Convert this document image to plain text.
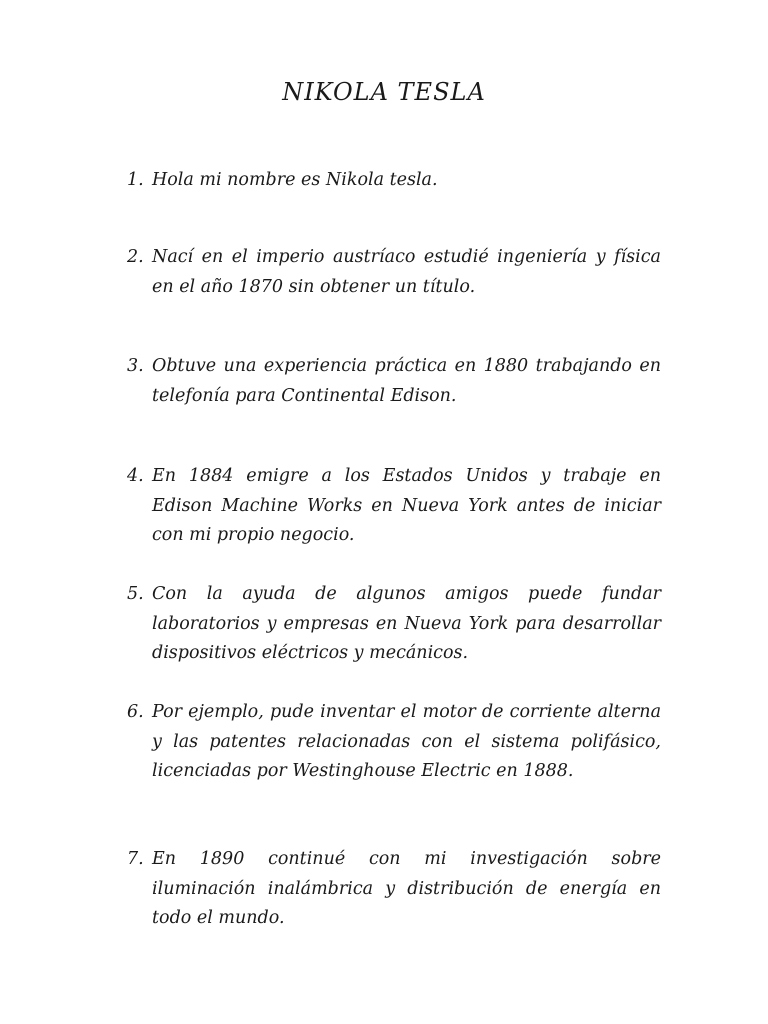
NIKOLA TESLA
1. Hola mi nombre es Nikola tesla.
2. Nací en el imperio austríaco estudié ingeniería y física en el año 1870 sin obtener un título.
3. Obtuve una experiencia práctica en 1880 trabajando en telefonía para Continental Edison.
4. En 1884 emigre a los Estados Unidos y trabaje en Edison Machine Works en Nueva York antes de iniciar con mi propio negocio.
5. Con la ayuda de algunos amigos puede fundar laboratorios y empresas en Nueva York para desarrollar dispositivos eléctricos y mecánicos.
6. Por ejemplo, pude inventar el motor de corriente alterna y las patentes relacionadas con el sistema polifásico, licenciadas por Westinghouse Electric en 1888.
7. En 1890 continué con mi investigación sobre iluminación inalámbrica y distribución de energía en todo el mundo.
